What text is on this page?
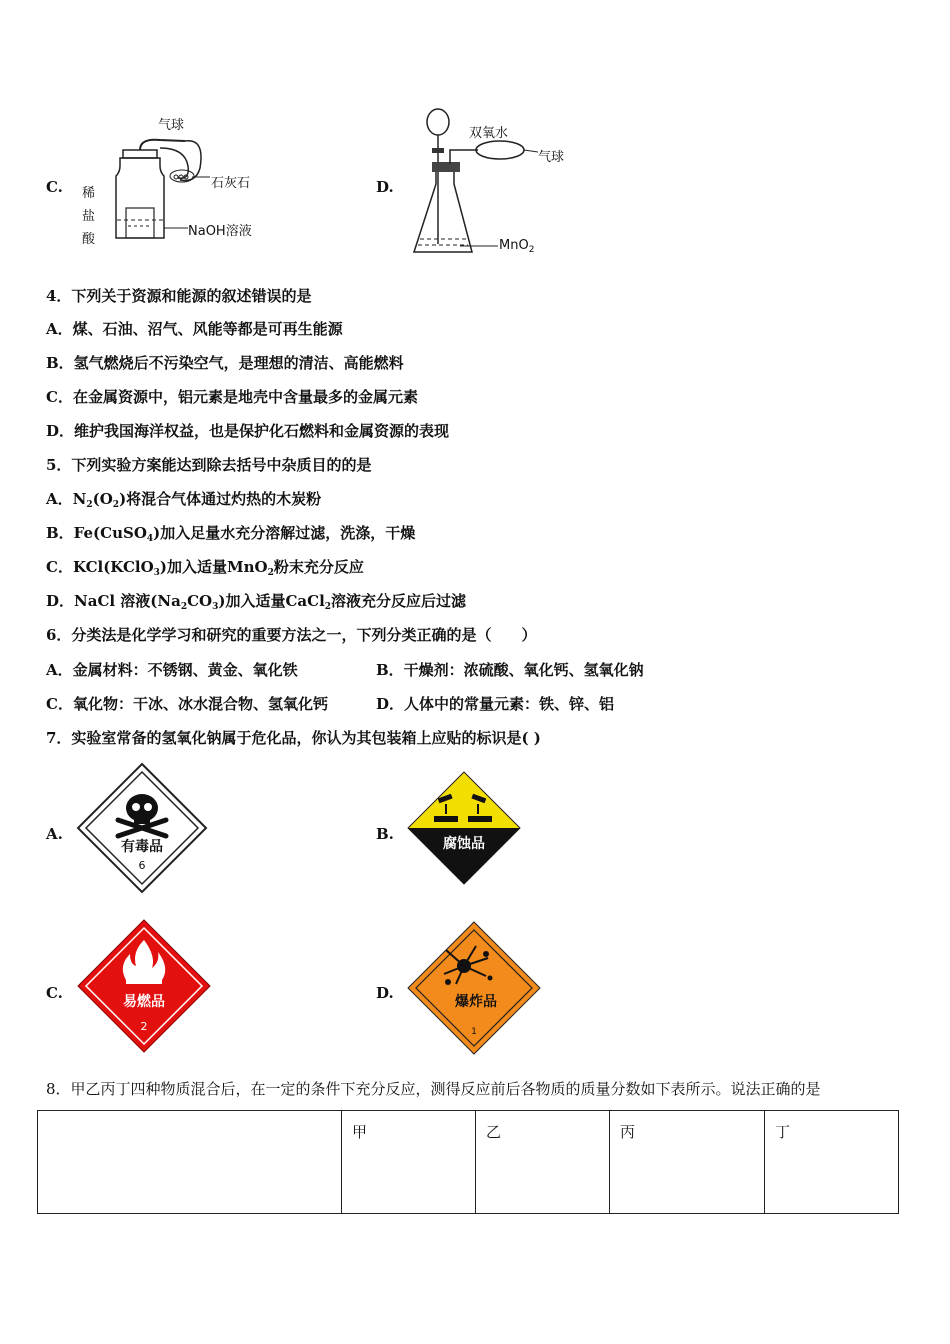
C.
气球
石灰石
稀
盐
酸
NaOH溶液
D.
双氧水
气球
MnO$_2$
4．下列关于资源和能源的叙述错误的是
A．煤、石油、沼气、风能等都是可再生能源
B．氢气燃烧后不污染空气，是理想的清洁、高能燃料
C．在金属资源中，铝元素是地壳中含量最多的金属元素
D．维护我国海洋权益，也是保护化石燃料和金属资源的表现
5．下列实验方案能达到除去括号中杂质目的的是
A．$N_2(O_2)$将混合气体通过灼热的木炭粉
B．Fe(CuSO$_4$)加入足量水充分溶解过滤，洗涤，干燥
C．KCl(KClO$_3$)加入适量MnO$_2$粉末充分反应
D．NaCl 溶液$(Na_2CO_3)$加入适量CaCl$_2$溶液充分反应后过滤
6．分类法是化学学习和研究的重要方法之一，下列分类正确的是（　　）
A．金属材料：不锈钢、黄金、氧化铁	B．干燥剂：浓硫酸、氧化钙、氢氧化钠
C．氧化物：干冰、冰水混合物、氢氧化钙	D．人体中的常量元素：铁、锌、铝
7．实验室常备的氢氧化钠属于危化品，你认为其包装箱上应贴的标识是( )
A.
有毒品
6
B.
腐蚀品
C.	易燃品
2
D.	爆炸品
1
8．甲乙丙丁四种物质混合后，在一定的条件下充分反应，测得反应前后各物质的质量分数如下表所示。说法正确的是
	甲	乙	丙	丁
